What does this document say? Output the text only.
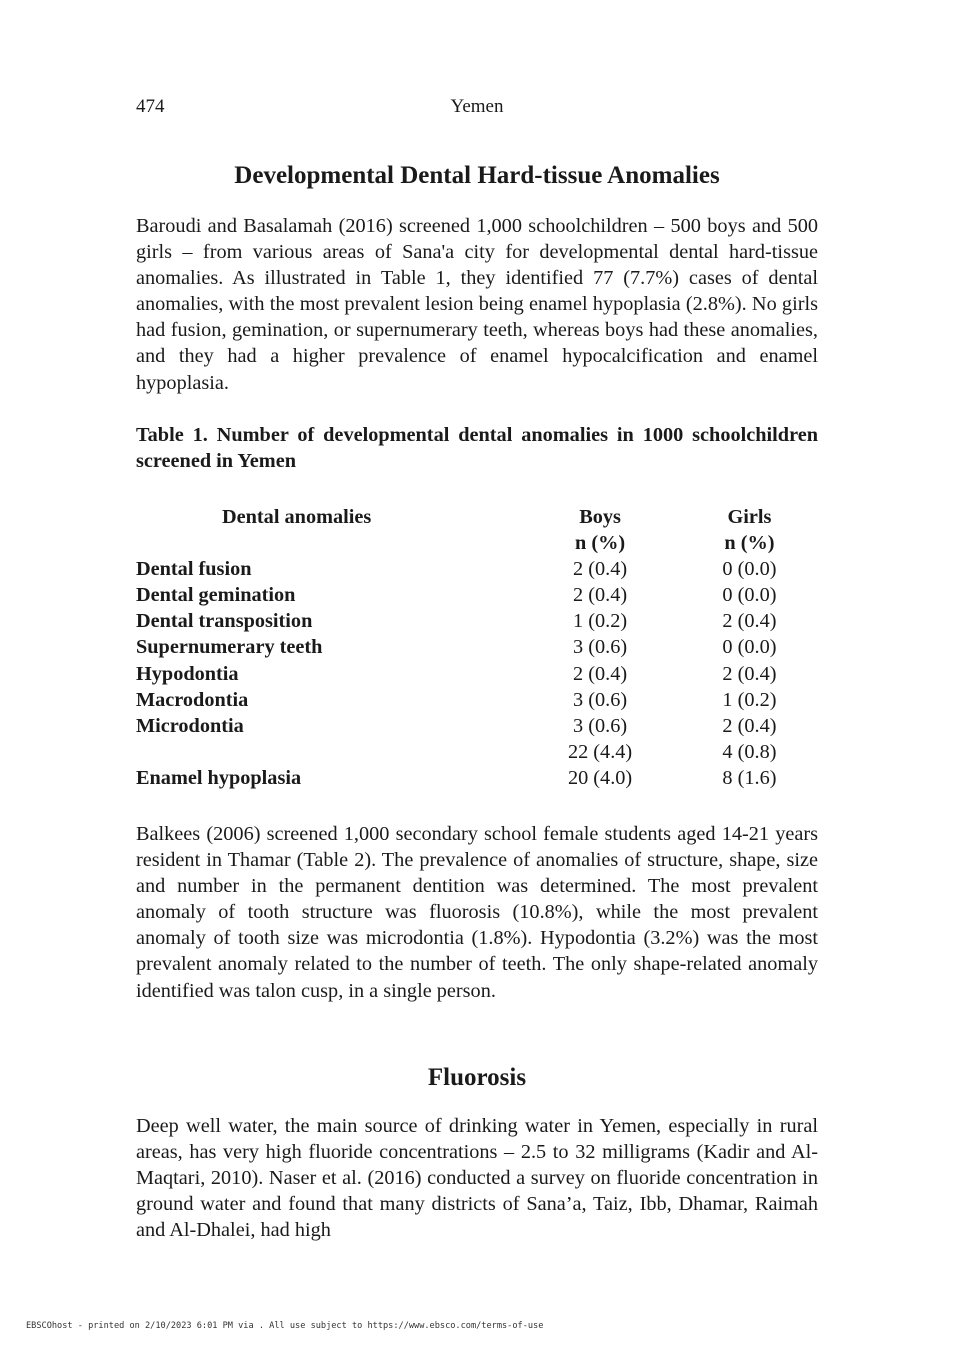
474	Yemen
Developmental Dental Hard-tissue Anomalies

Baroudi and Basalamah (2016) screened 1,000 schoolchildren – 500 boys and 500 girls – from various areas of Sana'a city for developmental dental hard-tissue anomalies. As illustrated in Table 1, they identified 77 (7.7%) cases of dental anomalies, with the most prevalent lesion being enamel hypoplasia (2.8%). No girls had fusion, gemination, or supernumerary teeth, whereas boys had these anomalies, and they had a higher prevalence of enamel hypocalcification and enamel hypoplasia.

Table 1. Number of developmental dental anomalies in 1000 schoolchildren screened in Yemen

Dental anomalies	Boys	Girls
	n (%)	n (%)
Dental fusion	2 (0.4)	0 (0.0)
Dental gemination	2 (0.4)	0 (0.0)
Dental transposition	1 (0.2)	2 (0.4)
Supernumerary teeth	3 (0.6)	0 (0.0)
Hypodontia	2 (0.4)	2 (0.4)
Macrodontia	3 (0.6)	1 (0.2)
Microdontia	3 (0.6)	2 (0.4)
	22 (4.4)	4 (0.8)
Enamel hypoplasia	20 (4.0)	8 (1.6)

Balkees (2006) screened 1,000 secondary school female students aged 14-21 years resident in Thamar (Table 2). The prevalence of anomalies of structure, shape, size and number in the permanent dentition was determined. The most prevalent anomaly of tooth structure was fluorosis (10.8%), while the most prevalent anomaly of tooth size was microdontia (1.8%). Hypodontia (3.2%) was the most prevalent anomaly related to the number of teeth. The only shape-related anomaly identified was talon cusp, in a single person.

Fluorosis

Deep well water, the main source of drinking water in Yemen, especially in rural areas, has very high fluoride concentrations – 2.5 to 32 milligrams (Kadir and Al-Maqtari, 2010). Naser et al. (2016) conducted a survey on fluoride concentration in ground water and found that many districts of Sana’a, Taiz, Ibb, Dhamar, Raimah and Al-Dhalei, had high

EBSCOhost - printed on 2/10/2023 6:01 PM via . All use subject to https://www.ebsco.com/terms-of-use
